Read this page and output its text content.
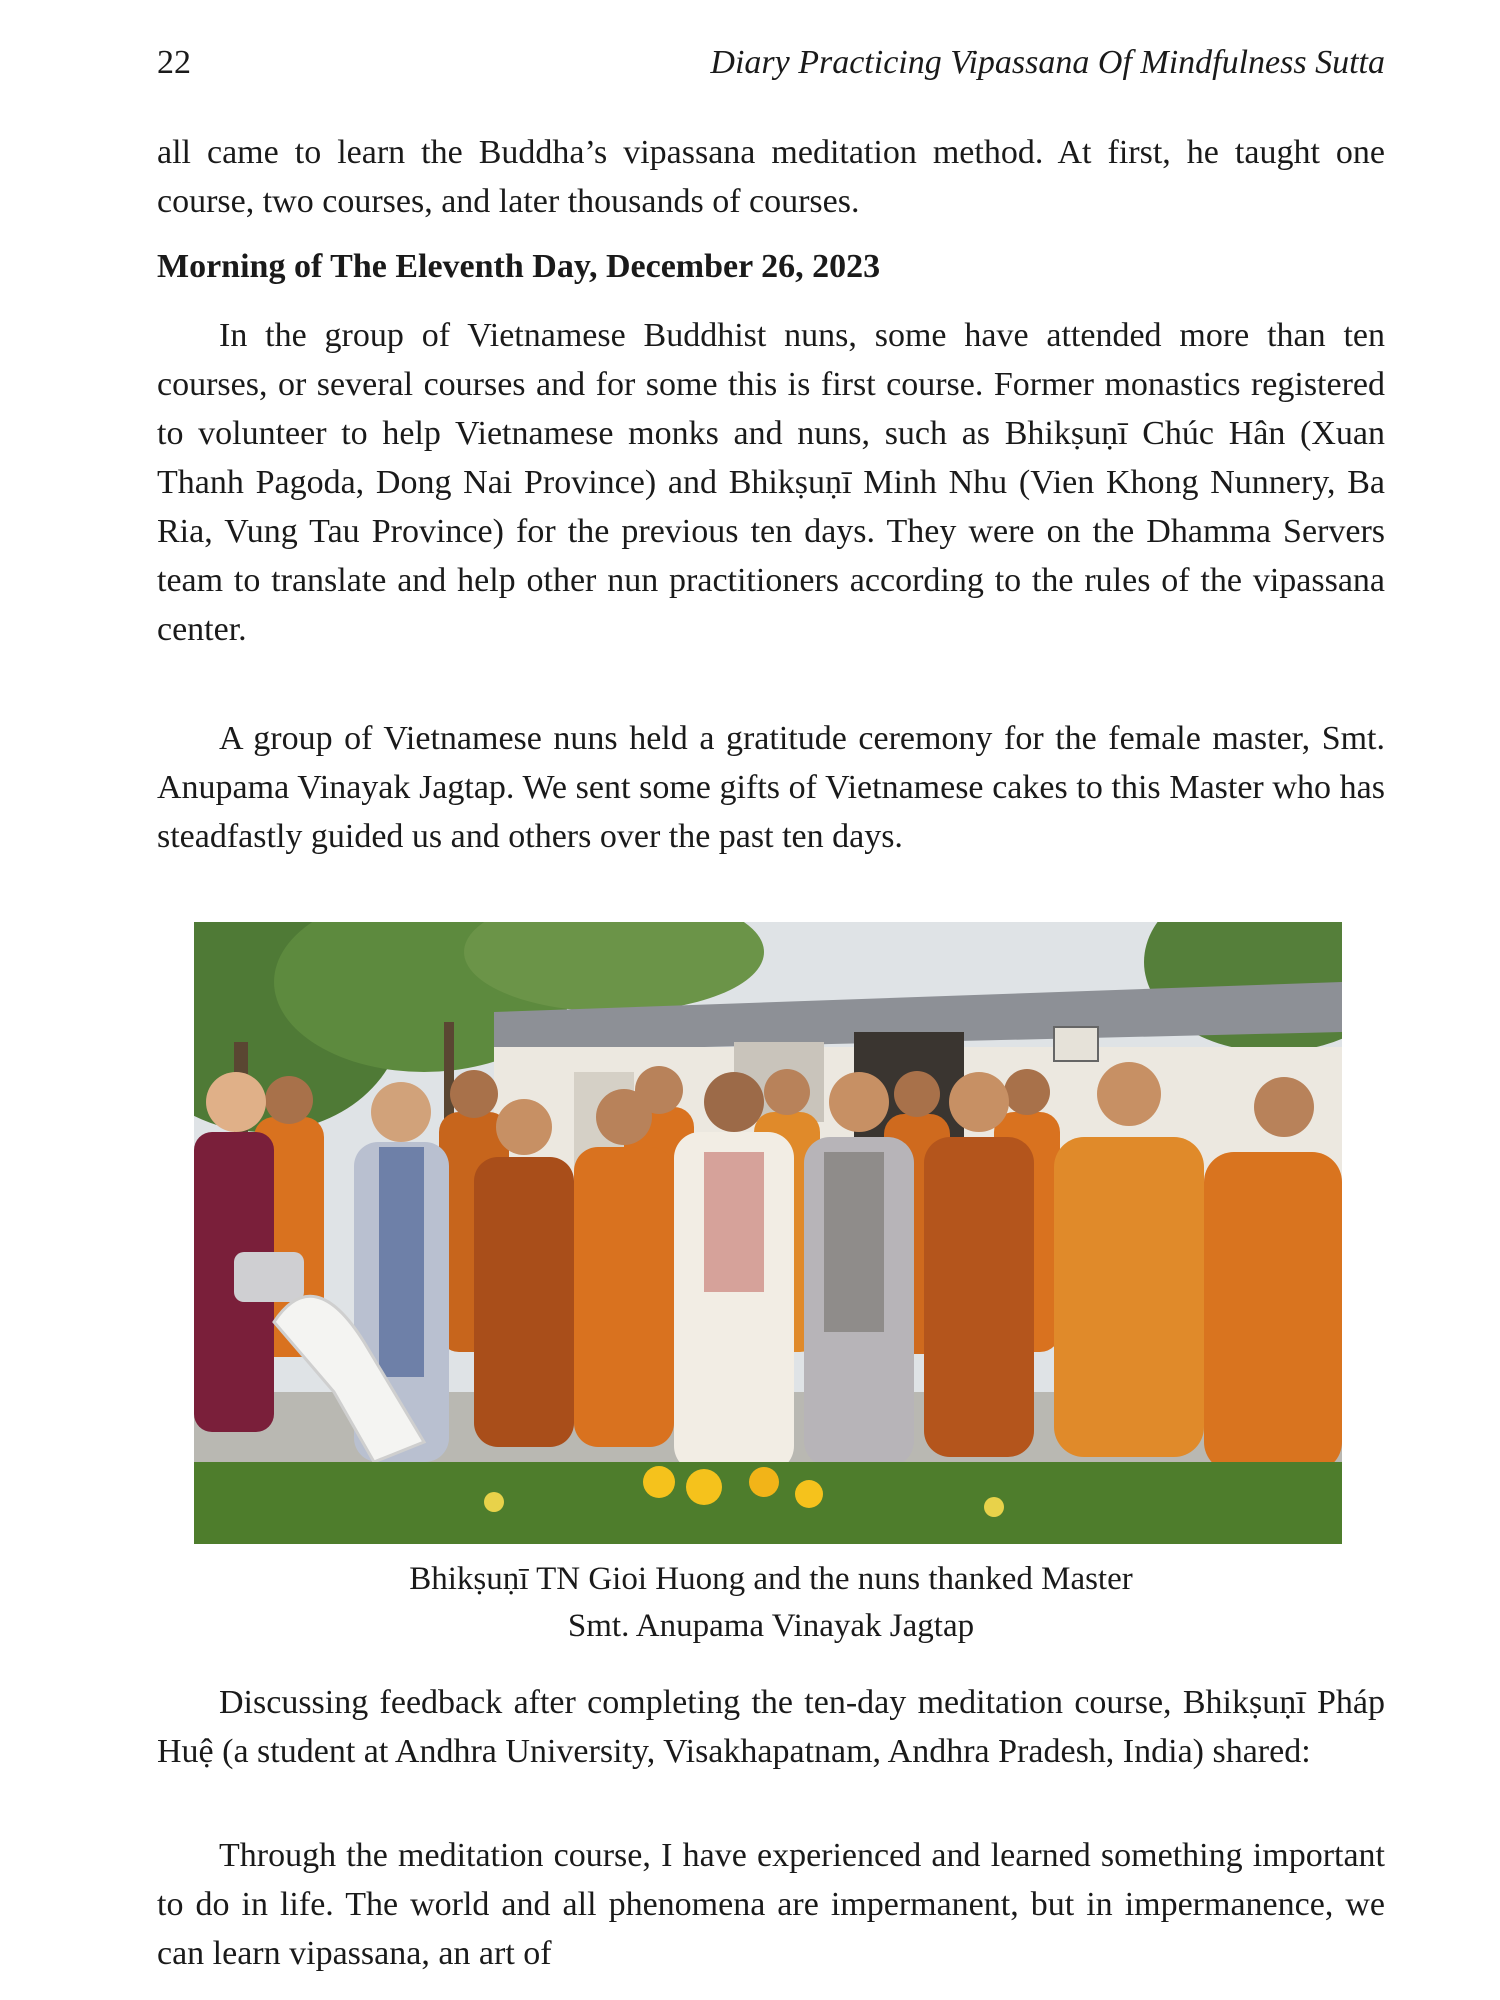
22	Diary Practicing Vipassana Of Mindfulness Sutta

all came to learn the Buddha’s vipassana meditation method. At first, he taught one course, two courses, and later thousands of courses.

Morning of The Eleventh Day, December 26, 2023

In the group of Vietnamese Buddhist nuns, some have attended more than ten courses, or several courses and for some this is first course. Former monastics registered to volunteer to help Vietnamese monks and nuns, such as Bhikṣuṇī Chúc Hân (Xuan Thanh Pagoda, Dong Nai Province) and Bhikṣuṇī Minh Nhu (Vien Khong Nunnery, Ba Ria, Vung Tau Province) for the previous ten days. They were on the Dhamma Servers team to translate and help other nun practitioners according to the rules of the vipassana center.

A group of Vietnamese nuns held a gratitude ceremony for the female master, Smt. Anupama Vinayak Jagtap. We sent some gifts of Vietnamese cakes to this Master who has steadfastly guided us and others over the past ten days.

Bhikṣuṇī TN Gioi Huong and the nuns thanked Master
Smt. Anupama Vinayak Jagtap

Discussing feedback after completing the ten-day meditation course, Bhikṣuṇī Pháp Huệ (a student at Andhra University, Visakhapatnam, Andhra Pradesh, India) shared:

Through the meditation course, I have experienced and learned something important to do in life. The world and all phenomena are impermanent, but in impermanence, we can learn vipassana, an art of
